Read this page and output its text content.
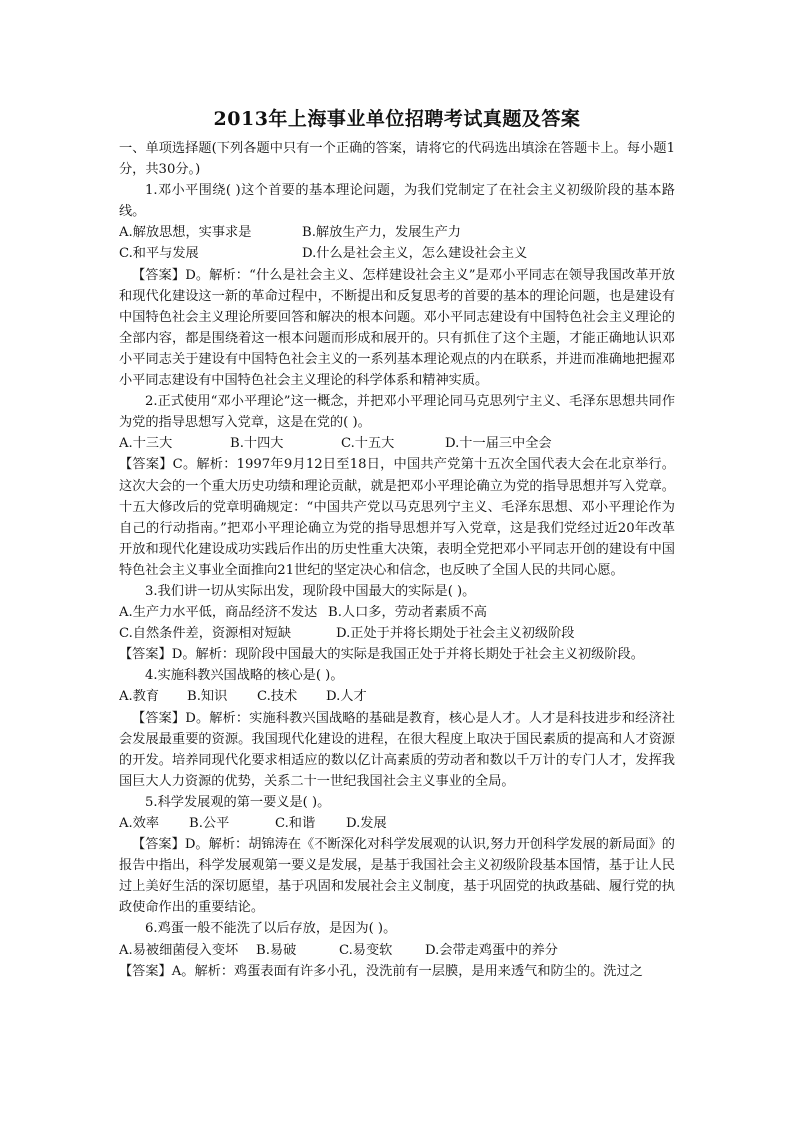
2013年上海事业单位招聘考试真题及答案

一、单项选择题(下列各题中只有一个正确的答案，请将它的代码选出填涂在答题卡上。每小题1分，共30分。)

1.邓小平围绕( )这个首要的基本理论问题，为我们党制定了在社会主义初级阶段的基本路线。

A.解放思想，实事求是	B.解放生产力，发展生产力

C.和平与发展	D.什么是社会主义，怎么建设社会主义

【答案】D。解析：“什么是社会主义、怎样建设社会主义”是邓小平同志在领导我国改革开放和现代化建设这一新的革命过程中，不断提出和反复思考的首要的基本的理论问题，也是建设有中国特色社会主义理论所要回答和解决的根本问题。邓小平同志建设有中国特色社会主义理论的全部内容，都是围绕着这一根本问题而形成和展开的。只有抓住了这个主题，才能正确地认识邓小平同志关于建设有中国特色社会主义的一系列基本理论观点的内在联系，并进而准确地把握邓小平同志建设有中国特色社会主义理论的科学体系和精神实质。

2.正式使用“邓小平理论”这一概念，并把邓小平理论同马克思列宁主义、毛泽东思想共同作为党的指导思想写入党章，这是在党的( )。

A.十三大	B.十四大	C.十五大	D.十一届三中全会

【答案】C。解析：1997年9月12日至18日，中国共产党第十五次全国代表大会在北京举行。这次大会的一个重大历史功绩和理论贡献，就是把邓小平理论确立为党的指导思想并写入党章。十五大修改后的党章明确规定：“中国共产党以马克思列宁主义、毛泽东思想、邓小平理论作为自己的行动指南。”把邓小平理论确立为党的指导思想并写入党章，这是我们党经过近20年改革开放和现代化建设成功实践后作出的历史性重大决策，表明全党把邓小平同志开创的建设有中国特色社会主义事业全面推向21世纪的坚定决心和信念，也反映了全国人民的共同心愿。

3.我们讲一切从实际出发，现阶段中国最大的实际是( )。

A.生产力水平低，商品经济不发达 B.人口多，劳动者素质不高

C.自然条件差，资源相对短缺	D.正处于并将长期处于社会主义初级阶段

【答案】D。解析：现阶段中国最大的实际是我国正处于并将长期处于社会主义初级阶段。

4.实施科教兴国战略的核心是( )。

A.教育 B.知识 C.技术 D.人才

【答案】D。解析：实施科教兴国战略的基础是教育，核心是人才。人才是科技进步和经济社会发展最重要的资源。我国现代化建设的进程，在很大程度上取决于国民素质的提高和人才资源的开发。培养同现代化要求相适应的数以亿计高素质的劳动者和数以千万计的专门人才，发挥我国巨大人力资源的优势，关系二十一世纪我国社会主义事业的全局。

5.科学发展观的第一要义是( )。

A.效率 B.公平	C.和谐 D.发展

【答案】D。解析：胡锦涛在《不断深化对科学发展观的认识,努力开创科学发展的新局面》的报告中指出，科学发展观第一要义是发展，是基于我国社会主义初级阶段基本国情，基于让人民过上美好生活的深切愿望，基于巩固和发展社会主义制度，基于巩固党的执政基础、履行党的执政使命作出的重要结论。

6.鸡蛋一般不能洗了以后存放，是因为( )。

A.易被细菌侵入变坏 B.易破	C.易变软 D.会带走鸡蛋中的养分

【答案】A。解析：鸡蛋表面有许多小孔，没洗前有一层膜，是用来透气和防尘的。洗过之
